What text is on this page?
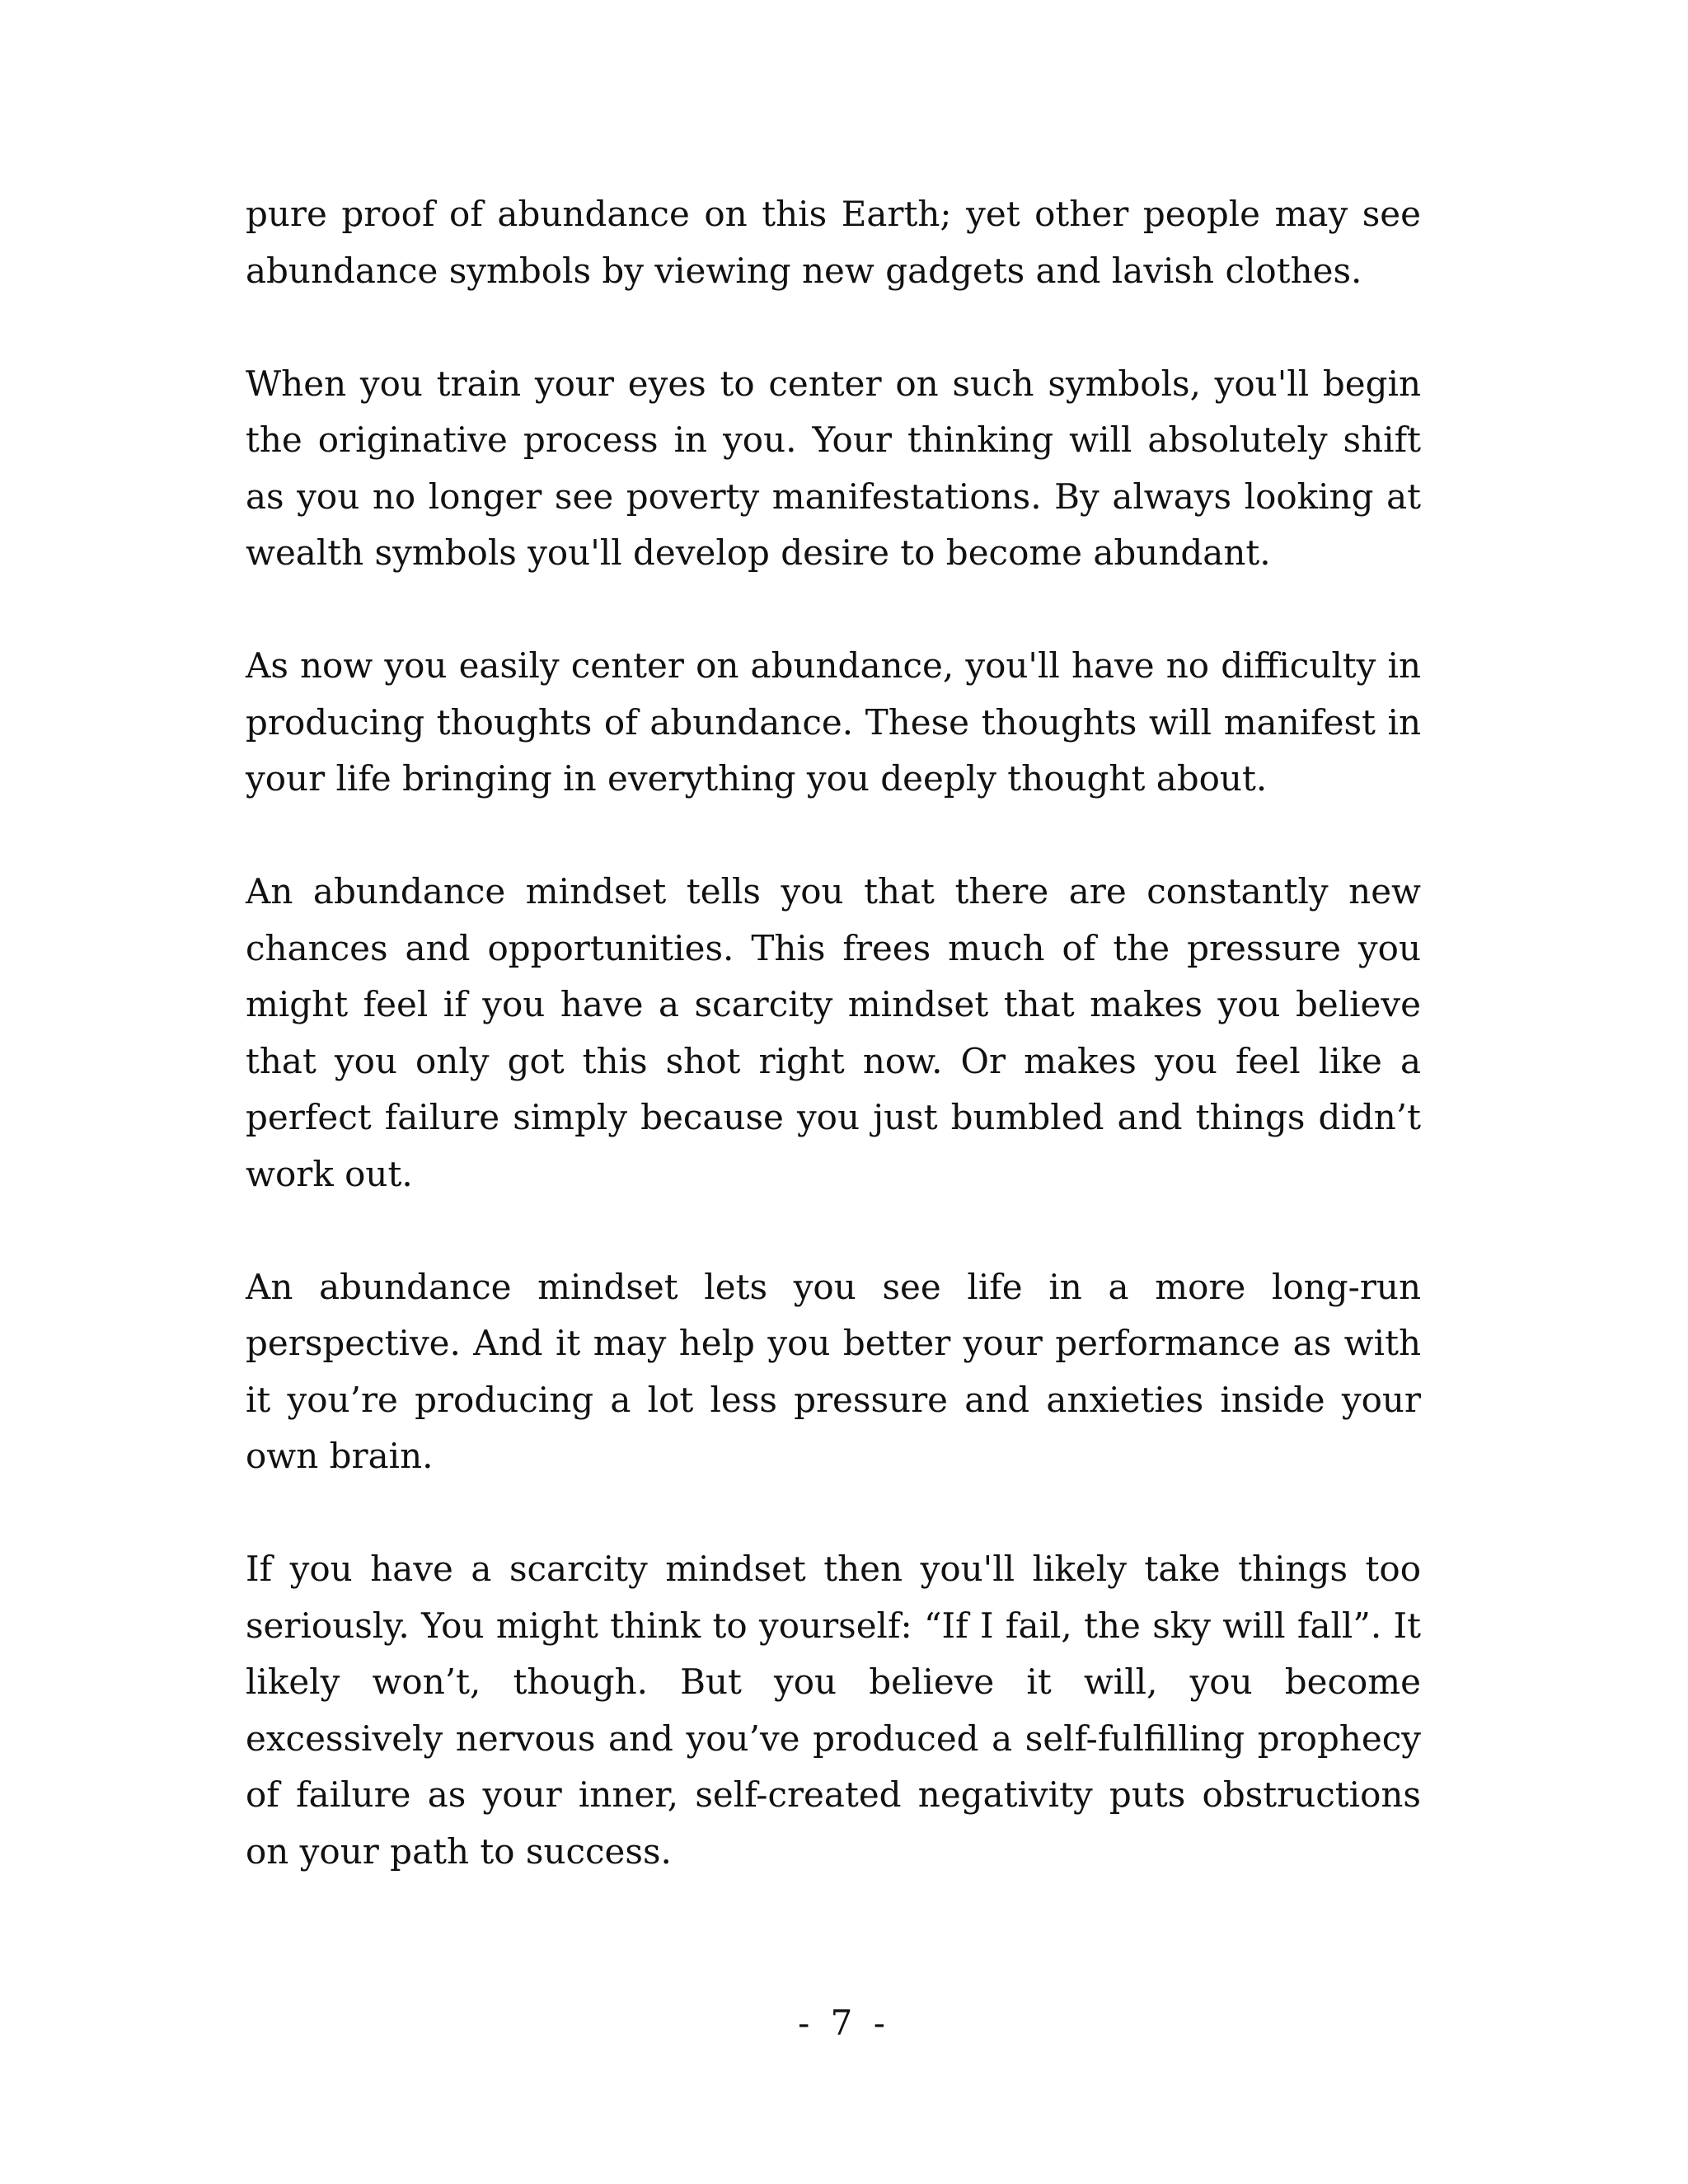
pure proof of abundance on this Earth; yet other people may see abundance symbols by viewing new gadgets and lavish clothes.

When you train your eyes to center on such symbols, you'll begin the originative process in you. Your thinking will absolutely shift as you no longer see poverty manifestations. By always looking at wealth symbols you'll develop desire to become abundant.

As now you easily center on abundance, you'll have no difficulty in producing thoughts of abundance. These thoughts will manifest in your life bringing in everything you deeply thought about.

An abundance mindset tells you that there are constantly new chances and opportunities. This frees much of the pressure you might feel if you have a scarcity mindset that makes you believe that you only got this shot right now. Or makes you feel like a perfect failure simply because you just bumbled and things didn’t work out.

An abundance mindset lets you see life in a more long-run perspective. And it may help you better your performance as with it you’re producing a lot less pressure and anxieties inside your own brain.

If you have a scarcity mindset then you'll likely take things too seriously. You might think to yourself: “If I fail, the sky will fall”. It likely won’t, though. But you believe it will, you become excessively nervous and you’ve produced a self-fulfilling prophecy of failure as your inner, self-created negativity puts obstructions on your path to success.

- 7 -
